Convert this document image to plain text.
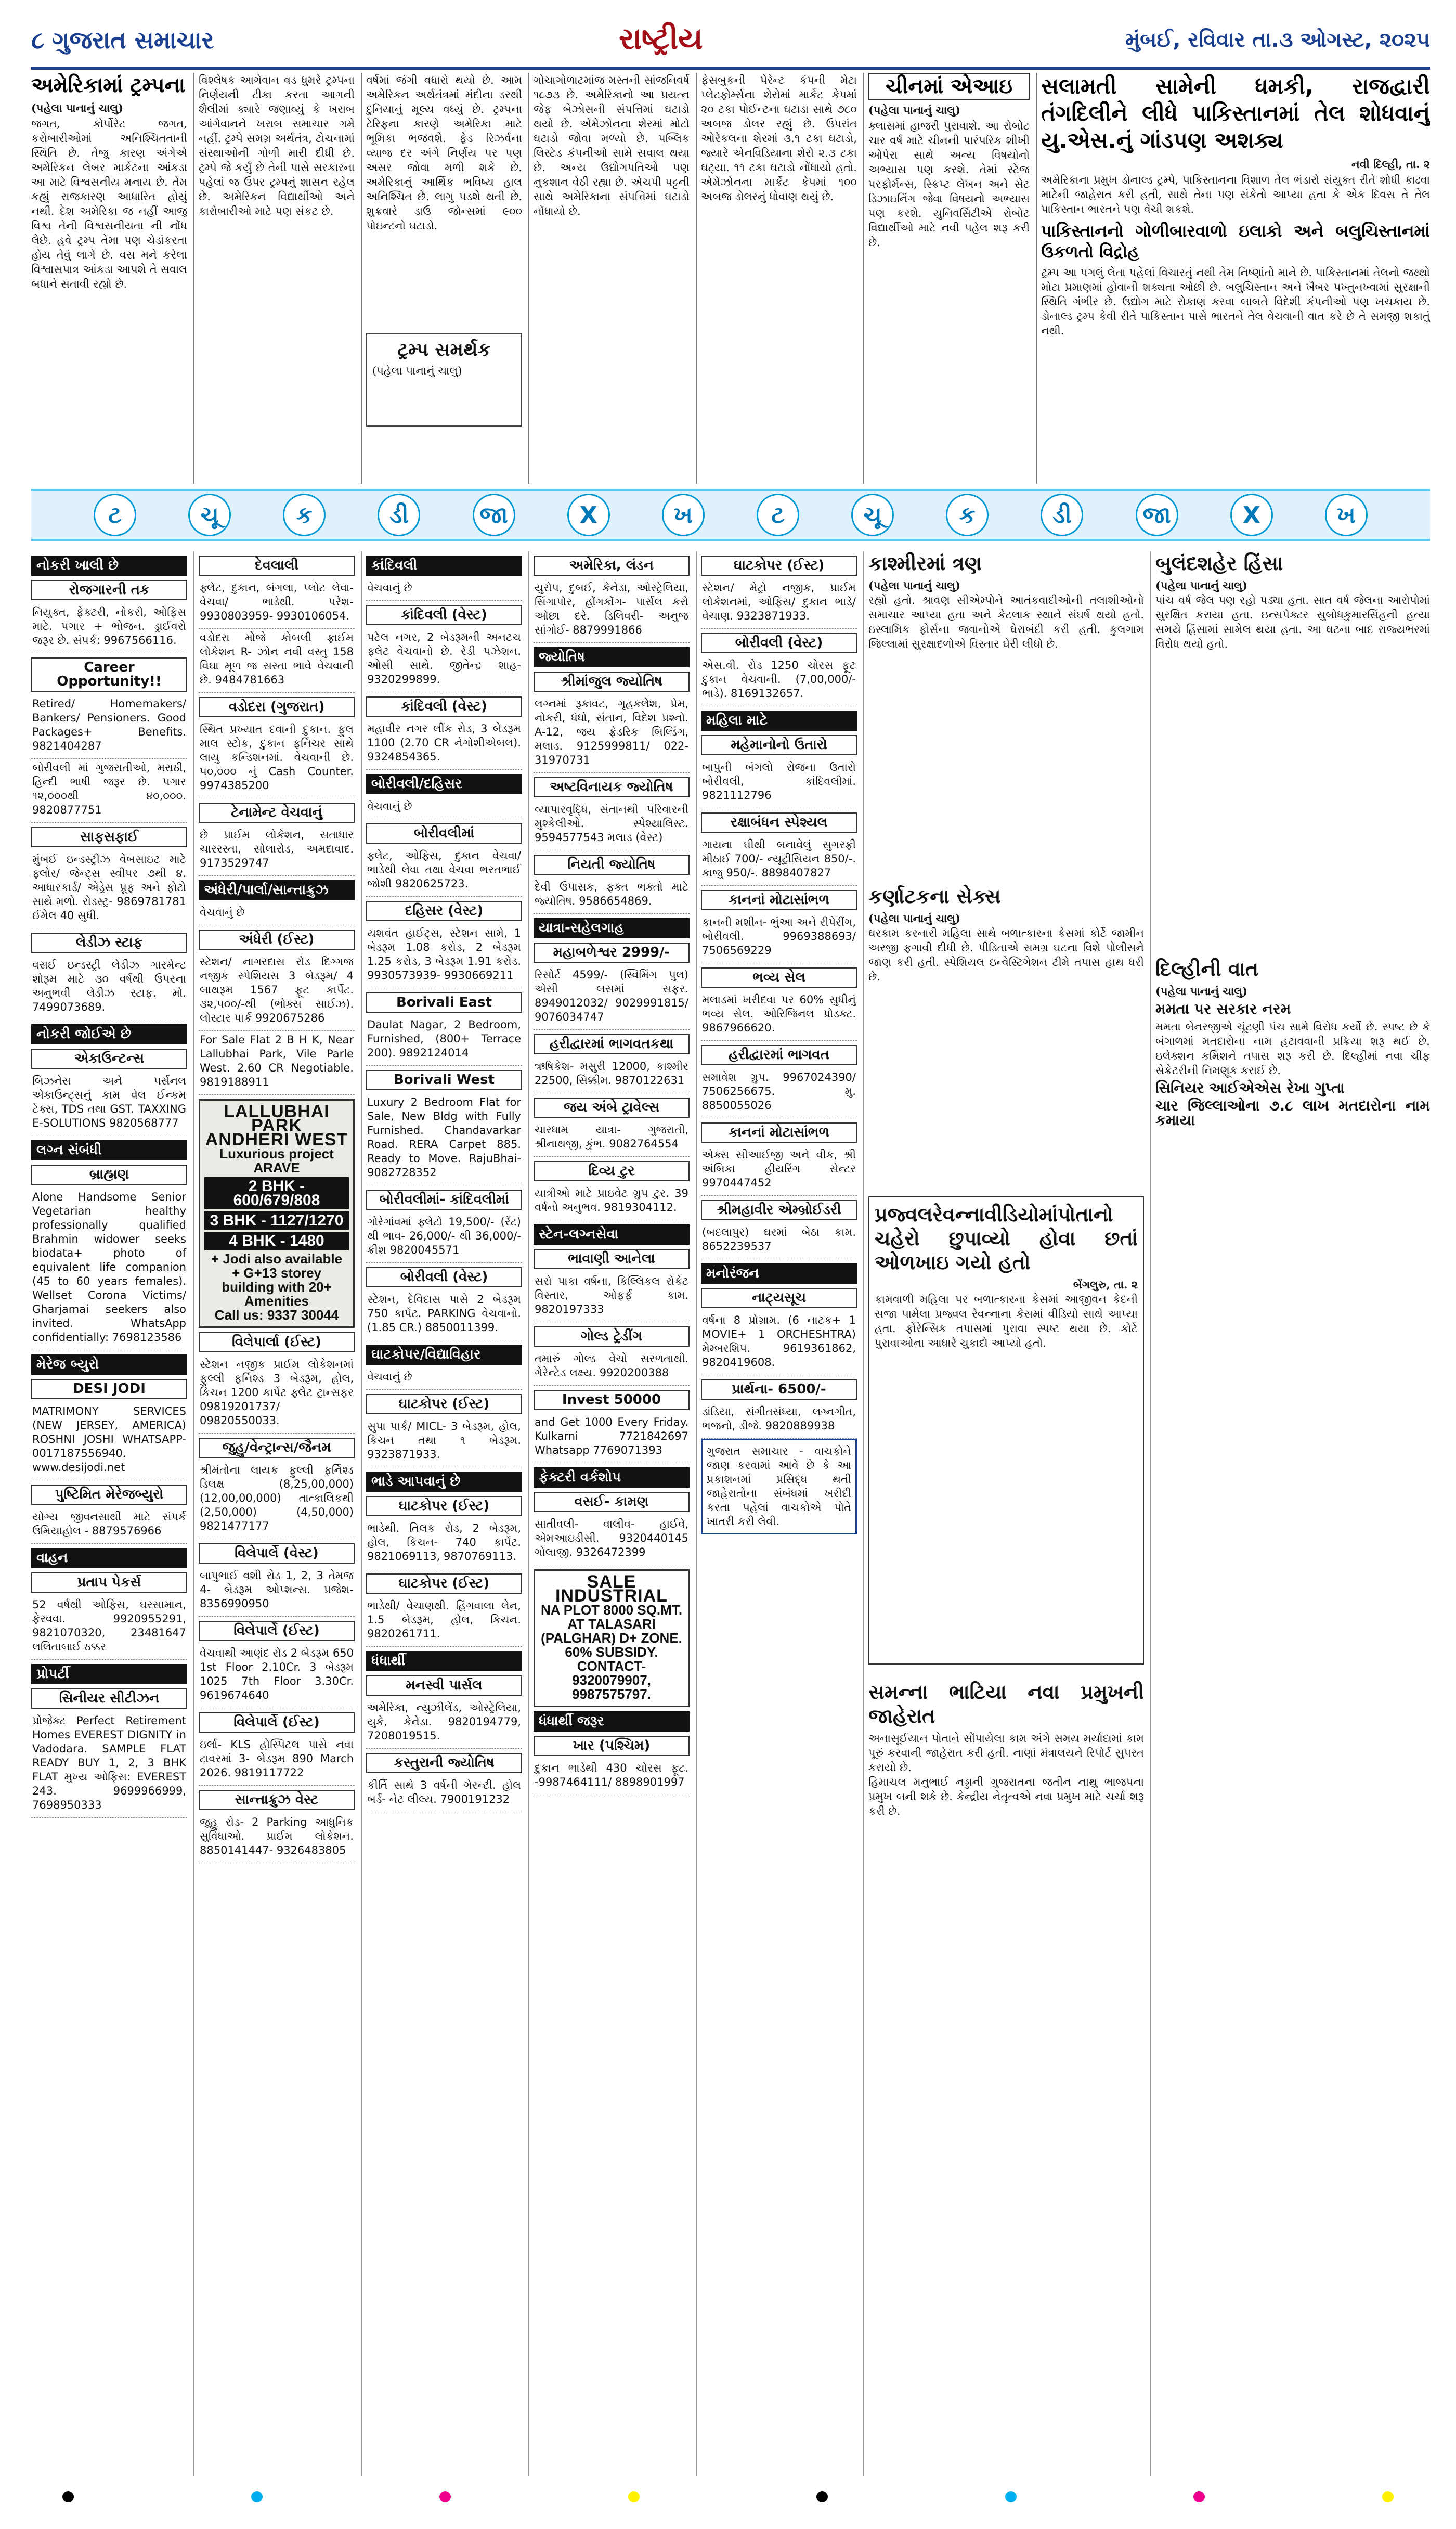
૮ ગુજરાત સમાચાર	રાષ્ટ્રીય	મુંબઈ, રવિવાર તા.૩ ઓગસ્ટ, ૨૦૨૫
અમેરિકામાં ટ્રમ્પના

(પહેલા પાનાનું ચાલુ)

જગત, કોર્પોરેટ જગત, કરોબારીઓમાં અનિશ્ચિતતાની સ્થિતિ છે. તેજુ કારણ અંગેએ અમેરિકન લેબર માર્કેટના આંકડા આ માટે વિશ્વસનીય મનાય છે. તેમ કહ્યું રાજકારણ આધારિત હોયું નથી. દેશ અમેરિકા જ નહીં આજુ વિશ્વ તેની વિશ્વસનીયતા ની નોંધ લેછે. હવે ટ્રમ્પ તેમા પણ ચેડાંકરતા હોય તેવું લાગે છે. વસ મને કરેલા વિશ્વાસપાત્ર આંકડા આપશે તે સવાલ બધાને સતાવી રહ્યો છે.

વિશ્લેષક આગેવાન વડ ધુમરે ટ્રમ્પના નિર્ણયની ટીકા કરતા આગની શૈલીમાં ક્યારે જણાવ્યું કે ખરાબ આંગેવાનને ખરાબ સમાચાર ગમે નહીં. ટ્રમ્પે સમગ્ર અર્થતંત્ર, ટોચનામાં સંસ્થાઓની ગોળી મારી દીધી છે. ટ્રમ્પે જે કર્યું છે તેની પાસે સરકારના પહેલાં જ ઉપર ટ્રમ્પનું શાસન રહેલ છે. અમેરિકન વિદ્યાર્થીઓ અને કારોબારીઓ માટે પણ સંકટ છે.

વર્ષમાં જંગી વધારો થયો છે. આમ અમેરિકન અર્થતંત્રમાં મંદીના ડરથી દુનિયાનું મૂલ્ય વધ્યું છે. ટ્રમ્પના ટેરિફના કારણે અમેરિકા માટે ભૂમિકા ભજવશે. ફેડ રિઝર્વના વ્યાજ દર અંગે નિર્ણય પર પણ અસર જોવા મળી શકે છે. અમેરિકાનું આર્થિક ભવિષ્ય હાલ અનિશ્ચિત છે. લાગુ પડશે થતી છે. શુક્રવારે ડાઉ જોન્સમાં ૯૦૦ પોઇન્ટનો ઘટાડો.

ટ્રમ્પ સમર્થક
(પહેલા પાનાનું ચાલુ)

ગોચાગોળાટમાંજ મસ્તની સાંજનિવર્ષ ૧૮૭૩ છે. અમેરિકાનો આ પ્રયત્ન જેફ બેઝોસની સંપત્તિમાં ઘટાડો થયો છે. એમેઝોનના શેરમાં મોટો ઘટાડો જોવા મળ્યો છે. પબ્લિક લિસ્ટેડ કંપનીઓ સામે સવાલ થયા છે. અન્ય ઉદ્યોગપતિઓ પણ નુકશાન વેઠી રહ્યા છે. એચપી ૫ટ્ટની સાથે અમેરિકાના સંપત્તિમાં ઘટાડો નોંધાયો છે.

ફેસબુકની પેરેન્ટ કંપની મેટા પ્લેટફોર્મ્સના શેરોમાં માર્કેટ કેપમાં ૨૦ ટકા પોઈન્ટના ઘટાડા સાથે ૭૮૦ અબજ ડોલર રહ્યું છે. ઉપરાંત ઓરેકલના શેરમાં ૩.૧ ટકા ઘટાડો, જ્યારે એનવિડિયાના શેરો ૨.૩ ટકા ઘટ્યા. ૧૧ ટકા ઘટાડો નોંધાયો હતો. એમેઝોનના માર્કેટ કેપમાં ૧૦૦ અબજ ડોલરનું ધોવાણ થયું છે.

ચીનમાં એઆઇ

(પહેલા પાનાનું ચાલુ)

ક્લાસમાં હાજરી પુરાવાશે. આ રોબોટ ચાર વર્ષ માટે ચીનની પારંપરિક શીખી ઓપેરા સાથે અન્ય વિષયોનો અભ્યાસ પણ કરશે. તેમાં સ્ટેજ પરફોર્મન્સ, સ્ક્રિપ્ટ લેખન અને સેટ ડિઝાઇનિંગ જેવા વિષયનો અભ્યાસ પણ કરશે. યુનિવર્સિટીએ રોબોટ વિદ્યાર્થીઓ માટે નવી પહેલ શરૂ કરી છે.

સલામતી સામેની ધમકી, રાજદ્વારી તંગદિલીને લીધે પાકિસ્તાનમાં તેલ શોધવાનું યુ.એસ.નું ગાંડપણ અશક્ય

નવી દિલ્હી, તા. ૨

અમેરિકાના પ્રમુખ ડોનાલ્ડ ટ્રમ્પે, પાકિસ્તાનના વિશાળ તેલ ભંડારો સંયુક્ત રીતે શોધી કાઢવા માટેની જાહેરાત કરી હતી, સાથે તેના પણ સંકેતો આપ્યા હતા કે એક દિવસ તે તેલ પાકિસ્તાન ભારતને પણ વેચી શકશે.

પાકિસ્તાનનો ગોળીબારવાળો ઇલાકો અને બલુચિસ્તાનમાં ઉકળતો વિદ્રોહ

ટ્રમ્પ આ પગલું લેતા પહેલાં વિચારતું નથી તેમ નિષ્ણાંતો માને છે. પાકિસ્તાનમાં તેલનો જથ્થો મોટા પ્રમાણમાં હોવાની શક્યતા ઓછી છે. બલુચિસ્તાન અને ખૈબર પખ્તુનખ્વામાં સુરક્ષાની સ્થિતિ ગંભીર છે. ઉદ્યોગ માટે રોકાણ કરવા બાબતે વિદેશી કંપનીઓ પણ ખચકાય છે. ડોનાલ્ડ ટ્રમ્પ કેવી રીતે પાકિસ્તાન પાસે ભારતને તેલ વેચવાની વાત કરે છે તે સમજી શકાતું નથી.

ટ	ચૂ	ક	ડી	જા	X	ખ	ટ	ચૂ	ક	ડી	જા	X	ખ
નોકરી ખાલી છે
રોજગારની તક
નિયુક્ત, ફેક્ટરી, નોકરી, ઓફિસ માટે. પગાર + ભોજન. ડ્રાઈવરો જરૂર છે. સંપર્ક: 9967566116.
Career Opportunity!!
Retired/ Homemakers/ Bankers/ Pensioners. Good Packages+ Benefits. 9821404287
બોરીવલી માં ગુજરાતીઓ, મરાઠી, હિન્દી ભાષી જરૂર છે. પગાર ૧૨,૦૦૦થી ૪૦,૦૦૦. 9820877751
સાફસફાઈ
મુંબઈ ઇન્ડસ્ટ્રીઝ વેબસાઇટ માટે ફ્લોર/ જેન્ટ્સ સ્વીપર ૭થી ૪. આધારકાર્ડ/ એડ્રેસ પ્રૂફ અને ફોટો સાથે મળો. રોડસ્ટ્ર- 9869781781 ઈમેલ 40 સુધી.
લેડીઝ સ્ટાફ
વસઈ ઇન્ડસ્ટ્રી લેડીઝ ગારમેન્ટ શોરૂમ માટે ૩૦ વર્ષથી ઉપરના અનુભવી લેડીઝ સ્ટાફ. મો. 7499073689.
નોકરી જોઈએ છે
એકાઉન્ટન્સ
બિઝનેસ અને પર્સનલ એકાઉન્ટ્સનું કામ વેલ ઈન્કમ ટેક્સ, TDS તથા GST. TAXXING E-SOLUTIONS 9820568777
લગ્ન સંબંધી
બ્રાહ્મણ
Alone Handsome Senior Vegetarian healthy professionally qualified Brahmin widower seeks biodata+ photo of equivalent life companion (45 to 60 years females). Wellset Corona Victims/ Gharjamai seekers also invited. WhatsApp confidentially: 7698123586
મેરેજ બ્યુરો
DESI JODI
MATRIMONY SERVICES (NEW JERSEY, AMERICA) ROSHNI JOSHI WHATSAPP- 0017187556940. www.desijodi.net
પુષ્ટિમિત મેરેજબ્યુરો
યોગ્ય જીવનસાથી માટે સંપર્ક ઉમિયાહોલ - 8879576966
વાહન
પ્રતાપ પેકર્સ
52 વર્ષથી ઓફિસ, ઘરસામાન, ફેરવવા. 9920955291, 9821070320, 23481647 લલિતાબાઈ ઠક્કર
પ્રોપર્ટી
સિનીયર સીટીઝન
પ્રોજેક્ટ Perfect Retirement Homes EVEREST DIGNITY in Vadodara. SAMPLE FLAT READY BUY 1, 2, 3 BHK FLAT મુખ્ય ઓફિસ: EVEREST 243. 9699966999, 7698950333
દેવલાલી
ફ્લેટ, દુકાન, બંગલા, પ્લોટ લેવા- વેચવા/ ભાડેથી. પરેશ- 9930803959- 9930106054.
વડોદરા મોજે કોબલી ફ્રાઈમ લોકેશન R- ઝોન નવી વસ્તુ 158 વિઘા મૂળ જ સસ્તા ભાવે વેચવાની છે. 9484781663
વડોદરા (ગુજરાત)
સ્થિત પ્રખ્યાત દવાની દુકાન. ફુલ માલ સ્ટોક, દુકાન ફર્નિચર સાથે લાયુ કન્ડિશનમાં. વેચવાની છે. ૫૦,૦૦૦ નું Cash Counter. 9974385200
ટેનામેન્ટ વેચવાનું
છે પ્રાઈમ લોકેશન, સતાધાર ચારરસ્તા, સોલારોડ, અમદાવાદ. 9173529747
અંધેરી/પાર્લા/સાન્તાક્રુઝ
વેચવાનું છે
અંધેરી (ઈસ્ટ)
સ્ટેશન/ નાગરદાસ રોડ દિગ્ગજ નજીક સ્પેશિયસ 3 બેડરૂમ/ 4 બાથરૂમ 1567 ફૂટ કાર્પેટ. ૩૨,૫૦૦/-થી (ભોક્સ સાઈઝ). લોસ્ટાર પાર્ક 9920675286
For Sale Flat 2 B H K, Near Lallubhai Park, Vile Parle West. 2.60 CR Negotiable. 9819188911
LALLUBHAI PARK
ANDHERI WEST
Luxurious project ARAVE
2 BHK - 600/679/808
3 BHK - 1127/1270
4 BHK - 1480
+ Jodi also available
+ G+13 storey building with 20+ Amenities
Call us: 9337 30044
વિલેપાર્લા (ઈસ્ટ)
સ્ટેશન નજીક પ્રાઈમ લોકેશનમાં ફુલ્લી ફર્નિશ્ડ 3 બેડરૂમ, હોલ, કિચન 1200 કાર્પેટ ફ્લેટ ટ્રાન્સફર 09819201737/ 09820550033.
જુહુ/વેન્ટ્રાન્સ/જૈનમ
શ્રીમંતોના લાયક ફુલ્લી ફર્નિશ્ડ ડિલક્ષ (8,25,00,000) (12,00,00,000) તાત્કાલિકથી (2,50,000) (4,50,000) 9821477177
વિલેપાર્લે (વેસ્ટ)
બાપુભાઈ વશી રોડ 1, 2, 3 તેમજ 4- બેડરૂમ ઓપ્શન્સ. પ્રજેશ- 8356990950
વિલેપાર્લે (ઈસ્ટ)
વેચવાથી આણંદ રોડ 2 બેડરૂમ 650 1st Floor 2.10Cr. 3 બેડરૂમ 1025 7th Floor 3.30Cr. 9619674640
વિલેપાર્લે (ઈસ્ટ)
ઇર્લા- KLS હોસ્પિટલ પાસે નવા ટાવરમાં 3- બેડરૂમ 890 March 2026. 9819117722
સાન્તાક્રુઝ વેસ્ટ
જુહુ રોડ- 2 Parking આધુનિક સુવિધાઓ. પ્રાઈમ લોકેશન. 8850141447- 9326483805
કાંદિવલી
વેચવાનું છે
કાંદિવલી (વેસ્ટ)
પટેલ નગર, 2 બેડરૂમની અનટચ ફ્લેટ વેચવાનો છે. રેડી પઝેશન. ઓસી સાથે. જીતેન્દ્ર શાહ- 9320299899.
કાંદિવલી (વેસ્ટ)
મહાવીર નગર લીંક રોડ, 3 બેડરૂમ 1100 (2.70 CR નેગોશીએબલ). 9324854365.
બોરીવલી/દહિસર
વેચવાનું છે
બોરીવલીમાં
ફ્લેટ, ઓફિસ, દુકાન વેચવા/ ભાડેથી લેવા તથા વેચવા ભરતભાઈ જોશી 9820625723.
દહિસર (વેસ્ટ)
યશવંત હાઈટ્સ, સ્ટેશન સામે, 1 બેડરૂમ 1.08 કરોડ, 2 બેડરૂમ 1.25 કરોડ, 3 બેડરૂમ 1.91 કરોડ. 9930573939- 9930669211
Borivali East
Daulat Nagar, 2 Bedroom, Furnished, (800+ Terrace 200). 9892124014
Borivali West
Luxury 2 Bedroom Flat for Sale, New Bldg with Fully Furnished. Chandavarkar Road. RERA Carpet 885. Ready to Move. RajuBhai- 9082728352
બોરીવલીમાં- કાંદિવલીમાં
ગોરેગાંવમાં ફ્લેટો 19,500/- (રેંટ) થી ભાવ- 26,000/- થી 36,000/- ક્રીશ 9820045571
બોરીવલી (વેસ્ટ)
સ્ટેશન, દેવિદાસ પાસે 2 બેડરૂમ 750 કાર્પેટ. PARKING વેચવાનો. (1.85 CR.) 8850011399.
ઘાટકોપર/વિદ્યાવિહાર
વેચવાનું છે
ઘાટકોપર (ઈસ્ટ)
સુપા પાર્ક/ MICL- 3 બેડરૂમ, હોલ, કિચન તથા ૧ બેડરૂમ. 9323871933.
ભાડે આપવાનું છે
ઘાટકોપર (ઈસ્ટ)
ભાડેથી. તિલક રોડ, 2 બેડરૂમ, હોલ, કિચન- 740 કાર્પેટ. 9821069113, 9870769113.
ઘાટકોપર (ઈસ્ટ)
ભાડેથી/ વેચાણથી. હિંગવાલા લેન, 1.5 બેડરૂમ, હોલ, કિચન. 9820261711.
ધંધાર્થી
મનસ્વી પાર્સલ
અમેરિકા, ન્યુઝીલેંડ, ઓસ્ટ્રેલિયા, યુકે, કેનેડા. 9820194779, 7208019515.
કસ્તુરાની જ્યોતિષ
કીર્તિ સાથે 3 વર્ષની ગેરન્ટી. હોલ બર્ડ- નેટ લીલ્ય. 7900191232
અમેરિકા, લંડન
યુરોપ, દુબઈ, કેનેડા, ઓસ્ટ્રેલિયા, સિંગાપોર, હોંગકોંગ- પાર્સલ કરો ઓછા દરે. ડિલિવરી- અનુજ સાંગોઈ- 8879991866
જ્યોતિષ
શ્રીમાંજુલ જ્યોતિષ
લગ્નમાં રૂકાવટ, ગૃહકલેશ, પ્રેમ, નોકરી, ધંધો, સંતાન, વિદેશ પ્રશ્નો. A-12, જય ફ્રેડરિક બિલ્ડિંગ, મલાડ. 9125999811/ 022-31970731
અષ્ટવિનાયક જ્યોતિષ
વ્યાપારવૃદ્ધિ, સંતાનથી પરિવારની મુશ્કેલીઓ. સ્પેશ્યાલિસ્ટ. 9594577543 મલાડ (વેસ્ટ)
નિયતી જ્યોતિષ
દેવી ઉપાસક, ફક્ત ભક્તો માટે જ્યોતિષ. 9586654869.
યાત્રા-સહેલગાહ
મહાબળેશ્વર 2999/-
રિસોર્ટ 4599/- (સ્વિમિંગ પુલ) એસી બસમાં સફર. 8949012032/ 9029991815/ 9076034747
હરીદ્વારમાં ભાગવતકથા
ઋષિકેશ- મસુરી 12000, કાશ્મીર 22500, સિક્કીમ. 9870122631
જય અંબે ટ્રાવેલ્સ
ચારધામ યાત્રા- ગુજરાતી, શ્રીનાથજી, કુંભ. 9082764554
દિવ્ય ટુર
યાત્રીઓ માટે પ્રાઇવેટ ગ્રુપ ટુર. 39 વર્ષનો અનુભવ. 9819304112.
સ્ટેન-લગ્નસેવા
ભાવાણી આનેલા
સરો પાકા વર્ષના, કિલ્લિકલ રોકેટ વિસ્તાર, ઓફર્ફ કામ. 9820197333
ગોલ્ડ ટ્રેડીંગ
તમારું ગોલ્ડ વેચો સરળતાથી. ગેરેન્ટેડ લક્ષ્ય. 9920200388
Invest 50000
and Get 1000 Every Friday. Kulkarni 7721842697 Whatsapp 7769071393
ફેક્ટરી વર્કશોપ
વસઈ- કામણ
સાતીવલી- વાલીવ- હાઈવે, એમઆઇડીસી. 9320440145 ગોલાજી. 9326472399
SALE INDUSTRIAL
NA PLOT 8000 SQ.MT.
AT TALASARI
(PALGHAR) D+ ZONE.
60% SUBSIDY.
CONTACT- 9320079907, 9987575797.
ધંધાર્થી જરૂર
ખાર (પશ્ચિમ)
દુકાન ભાડેથી 430 ચોરસ ફૂટ. -9987464111/ 8898901997
ઘાટકોપર (ઈસ્ટ)
સ્ટેશન/ મેટ્રો નજીક, પ્રાઈમ લોકેશનમાં, ઓફિસ/ દુકાન ભાડે/ વેચાણ. 9323871933.
બોરીવલી (વેસ્ટ)
એસ.વી. રોડ 1250 ચોરસ ફૂટ દુકાન વેચવાની. (7,00,000/- ભાડે). 8169132657.
મહિલા માટે
મહેમાનોનો ઉતારો
બાપુની બંગલો રોજના ઉતારો બોરીવલી, કાંદિવલીમાં. 9821112796
રક્ષાબંધન સ્પેશ્યલ
ગાયના ઘીથી બનાવેલું સુગરફ્રી મીઠાઈ 700/- ન્યૂટ્રીસિયન 850/-. કાજુ 950/-. 8898407827
કાનનાં મોટાસાંભળ
કાનની મશીન- ભુંઆ અને રીપેરીંગ, બોરીવલી. 9969388693/ 7506569229
ભવ્ય સેલ
મલાડમાં ખરીદવા પર 60% સુધીનું ભવ્ય સેલ. ઓરિજિનલ પ્રોડક્ટ. 9867966620.
હરીદ્વારમાં ભાગવત
સમાવેશ ગ્રુપ. 9967024390/ 7506256675. મુ. 8850055026
કાનનાં મોટાસાંભળ
એક્સ સીઆઈજી અને વીક, શ્રી અંબિકા હીયરિંગ સેન્ટર 9970447452
શ્રીમહાવીર એમ્બ્રોઈડરી
(બદલાપુર) ઘરમાં બેઠા કામ. 8652239537
મનોરંજન
નાટ્યસૂચ
વર્ષના 8 પ્રોગ્રામ. (6 નાટક+ 1 MOVIE+ 1 ORCHESHTRA) મેમ્બરશિપ. 9619361862, 9820419608.
પ્રાર્થના- 6500/-
ડાંડિયા, સંગીતસંધ્યા, લગ્નગીત, ભજનો, ડીજે. 9820889938
ગુજરાત સમાચાર - વાચકોને જાણ કરવામાં આવે છે કે આ પ્રકાશનમાં પ્રસિદ્ધ થતી જાહેરાતોના સંબંધમાં ખરીદી કરતા પહેલાં વાચકોએ પોતે ખાતરી કરી લેવી.
કાશ્મીરમાં ત્રણ

(પહેલા પાનાનું ચાલુ)

રહ્યો હતો. શ્રાવણ સીએમ્પોને આતંકવાદીઓની તલાશીઓનો સમાચાર આપ્યા હતા અને કેટલાક સ્થાને સંઘર્ષ થયો હતો. ઇસ્લામિક ફોર્સના જવાનોએ ઘેરાબંદી કરી હતી. કુલગામ જિલ્લામાં સુરક્ષાદળોએ વિસ્તાર ઘેરી લીધો છે.

કર્ણાટકના સેક્સ

(પહેલા પાનાનું ચાલુ)

ઘરકામ કરનારી મહિલા સાથે બળાત્કારના કેસમાં કોર્ટે જામીન અરજી ફગાવી દીધી છે. પીડિતાએ સમગ્ર ઘટના વિશે પોલીસને જાણ કરી હતી. સ્પેશિયલ ઇન્વેસ્ટિગેશન ટીમે તપાસ હાથ ધરી છે.

પ્રજ્વલરેવન્નાવીડિયોમાંપોતાનો ચહેરો છુપાવ્યો હોવા છતાં ઓળખાઇ ગયો હતો

બેંગલુરુ, તા. ૨

કામવાળી મહિલા પર બળાત્કારના કેસમાં આજીવન કેદની સજા પામેલા પ્રજ્વલ રેવન્નાના કેસમાં વીડિયો સાથે આપ્યા હતા. ફોરેન્સિક તપાસમાં પુરાવા સ્પષ્ટ થયા છે. કોર્ટે પુરાવાઓના આધારે ચુકાદો આપ્યો હતો.

સમન્ના ભાટિયા નવા પ્રમુખની જાહેરાત

અનાસૂઈયાન પોતાને સોંપાયેલા કામ અંગે સમય મર્યાદામાં કામ પૂરું કરવાની જાહેરાત કરી હતી. નાણાં મંત્રાલયને રિપોર્ટ સુપરત કરાયો છે.

હિમાચલ મનુભાઈ નડ્ડાની ગુજરાતના જતીન નાથુ ભાજપના પ્રમુખ બની શકે છે. કેન્દ્રીય નેતૃત્વએ નવા પ્રમુખ માટે ચર્ચા શરૂ કરી છે.

બુલંદશહેર હિંસા

(પહેલા પાનાનું ચાલુ)

પાંચ વર્ષ જેલ પણ રહો પડ્યા હતા. સાત વર્ષ જેલના આરોપોમાં સુરક્ષિત કરાયા હતા. ઇન્સપેક્ટર સુબોધકુમારસિંહની હત્યા સમયે હિંસામાં સામેલ થયા હતા. આ ઘટના બાદ રાજ્યભરમાં વિરોધ થયો હતો.

દિલ્હીની વાત

(પહેલા પાનાનું ચાલુ)

મમતા પર સરકાર નરમ

મમતા બેનરજીએ ચૂંટણી પંચ સામે વિરોધ કર્યો છે. સ્પષ્ટ છે કે બંગાળમાં મતદારોના નામ હટાવવાની પ્રક્રિયા શરૂ થઈ છે. ઇલેક્શન કમિશને તપાસ શરૂ કરી છે. દિલ્હીમાં નવા ચીફ સેક્રેટરીની નિમણૂક કરાઈ છે.

સિનિયર આઈએએસ રેખા ગુપ્તા
ચાર જિલ્લાઓના ૭.૮ લાખ મતદારોના નામ કમાયા
